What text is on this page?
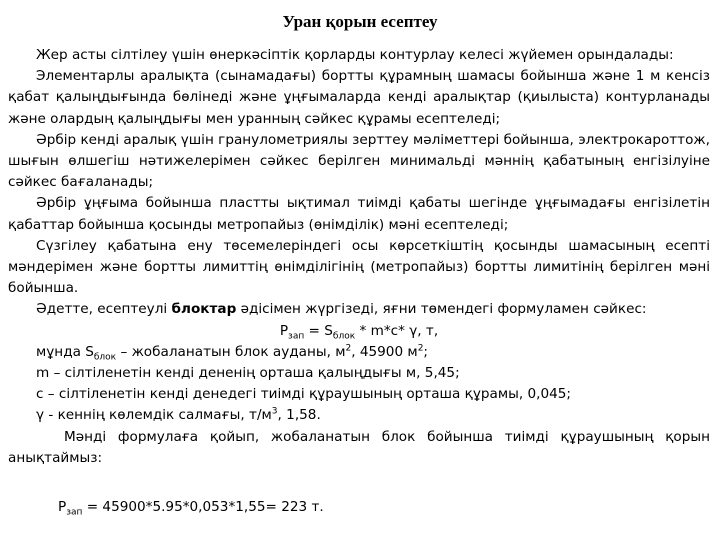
Уран қорын есептеу

Жер асты сілтілеу үшін өнеркәсіптік қорларды контурлау келесі жүйемен орындалады:

Элементарлы аралықта (сынамадағы) бортты құрамның шамасы бойынша және 1 м кенсіз қабат қалыңдығында бөлінеді және ұңғымаларда кенді аралықтар (қиылыста) контурланады және олардың қалыңдығы мен уранның сәйкес құрамы есептеледі;

Әрбір кенді аралық үшін гранулометриялы зерттеу мәліметтері бойынша, электрокароттож, шығын өлшегіш нәтижелерімен сәйкес берілген минимальді мәннің қабатының енгізілуіне сәйкес бағаланады;

Әрбір ұңғыма бойынша пластты ықтимал тиімді қабаты шегінде ұңғымадағы енгізілетін қабаттар бойынша қосынды метропайыз (өнімділік) мәні есептеледі;

Сүзгілеу қабатына ену төсемелеріндегі осы көрсеткіштің қосынды шамасының есепті мәндерімен және бортты лимиттің өнімділігінің (метропайыз) бортты лимитінің берілген мәні бойынша.

Әдетте, есептеулі блоктар әдісімен жүргізеді, яғни төмендегі формуламен сәйкес:

$P_{зап} = S_{блок} * m*c*$ γ, т,

мұнда $S_{блок}$ – жобаланатын блок ауданы, $м^2$, 45900 $м^2$;

m – сілтіленетін кенді дененің орташа қалыңдығы м, 5,45;

с – сілтіленетін кенді денедегі тиімді құраушының орташа құрамы, 0,045;

γ - кеннің көлемдік салмағы, $т/м^3$, 1,58.

Мәнді формулаға қойып, жобаланатын блок бойынша тиімді құраушының қорын анықтаймыз:

$P_{зап} = 45900*5.95*0,053*1,55= 223$ т.
